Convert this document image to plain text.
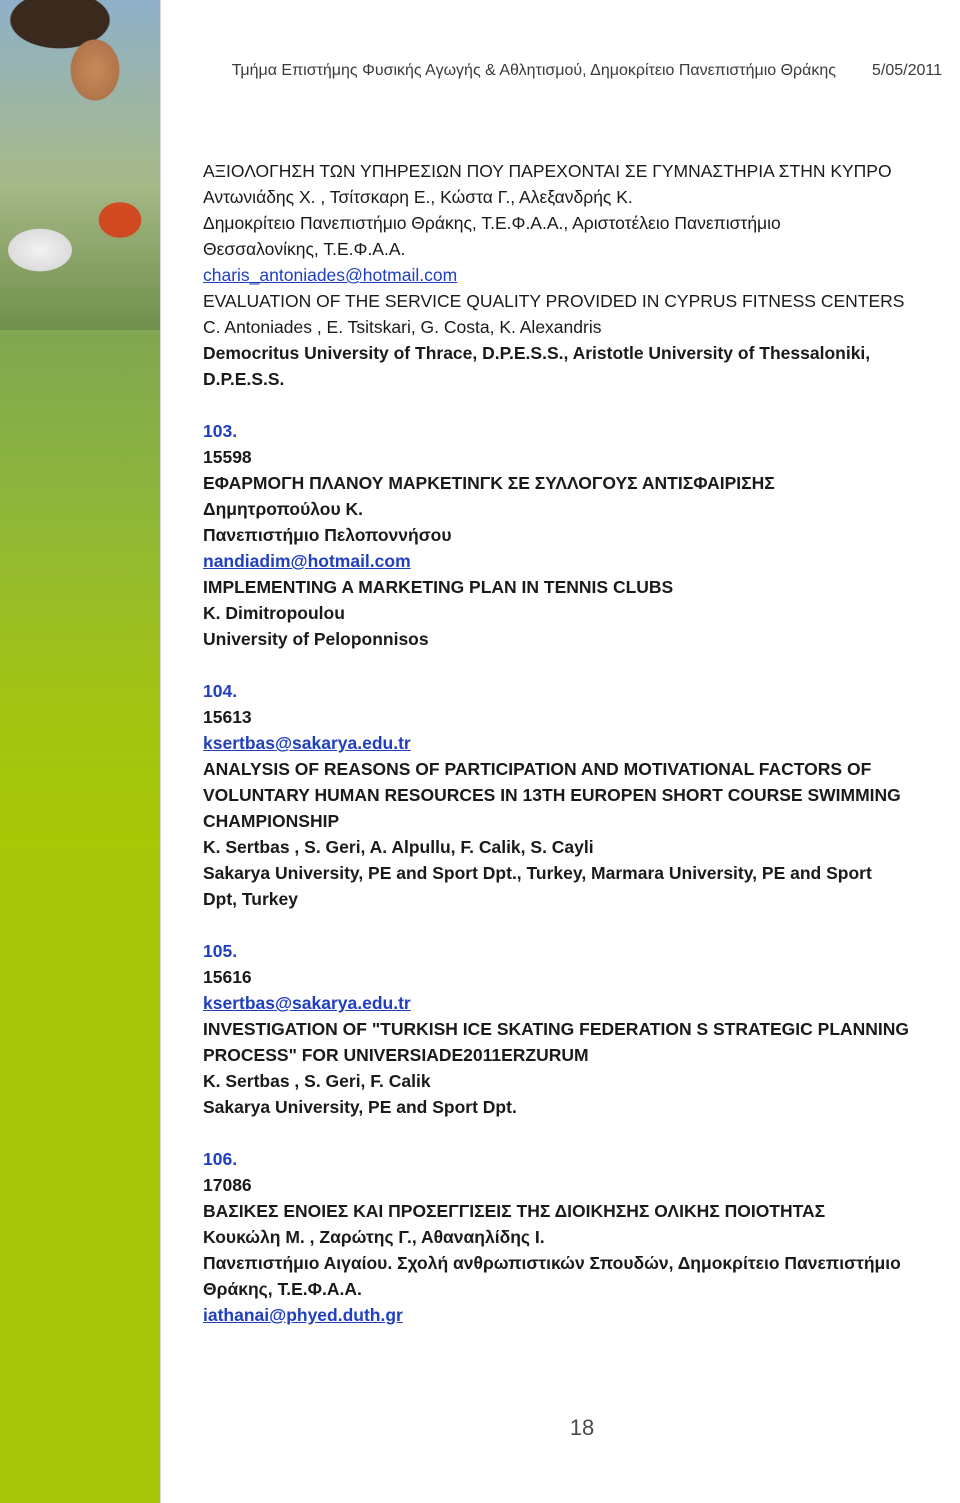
Τμήμα Επιστήμης Φυσικής Αγωγής & Αθλητισμού, Δημοκρίτειο Πανεπιστήμιο Θράκης 5/05/2011
ΑΞΙΟΛΟΓΗΣΗ ΤΩΝ ΥΠΗΡΕΣΙΩΝ ΠΟΥ ΠΑΡΕΧΟΝΤΑΙ ΣΕ ΓΥΜΝΑΣΤΗΡΙΑ ΣΤΗΝ ΚΥΠΡΟ
Αντωνιάδης Χ. , Τσίτσκαρη Ε., Κώστα Γ., Αλεξανδρής Κ.
Δημοκρίτειο Πανεπιστήμιο Θράκης, Τ.Ε.Φ.Α.Α., Αριστοτέλειο Πανεπιστήμιο
Θεσσαλονίκης, Τ.Ε.Φ.Α.Α.
charis_antoniades@hotmail.com
EVALUATION OF THE SERVICE QUALITY PROVIDED IN CYPRUS FITNESS CENTERS
C. Antoniades , E. Tsitskari, G. Costa, K. Alexandris
Democritus University of Thrace, D.P.E.S.S., Aristotle University of Thessaloniki,
D.P.E.S.S.
103.
15598
ΕΦΑΡΜΟΓΗ ΠΛΑΝΟΥ ΜΑΡΚΕΤΙΝΓΚ ΣΕ ΣΥΛΛΟΓΟΥΣ ΑΝΤΙΣΦΑΙΡΙΣΗΣ
Δημητροπούλου Κ.
Πανεπιστήμιο Πελοποννήσου
nandiadim@hotmail.com
IMPLEMENTING A MARKETING PLAN IN TENNIS CLUBS
K. Dimitropoulou
University of Peloponnisos
104.
15613
ksertbas@sakarya.edu.tr
ANALYSIS OF REASONS OF PARTICIPATION AND MOTIVATIONAL FACTORS OF
VOLUNTARY HUMAN RESOURCES IN 13TH EUROPEN SHORT COURSE SWIMMING
CHAMPIONSHIP
K. Sertbas , S. Geri, A. Alpullu, F. Calik, S. Cayli
Sakarya University, PE and Sport Dpt., Turkey, Marmara University, PE and Sport
Dpt, Turkey
105.
15616
ksertbas@sakarya.edu.tr
INVESTIGATION OF "TURKISH ICE SKATING FEDERATION S STRATEGIC PLANNING
PROCESS" FOR UNIVERSIADE2011ERZURUM
K. Sertbas , S. Geri, F. Calik
Sakarya University, PE and Sport Dpt.
106.
17086
ΒΑΣΙΚΕΣ ΕΝΟΙΕΣ ΚΑΙ ΠΡΟΣΕΓΓΙΣΕΙΣ ΤΗΣ ΔΙΟΙΚΗΣΗΣ ΟΛΙΚΗΣ ΠΟΙΟΤΗΤΑΣ
Κουκώλη Μ. , Ζαρώτης Γ., Αθαναηλίδης Ι.
Πανεπιστήμιο Αιγαίου. Σχολή ανθρωπιστικών Σπουδών, Δημοκρίτειο Πανεπιστήμιο
Θράκης, Τ.Ε.Φ.Α.Α.
iathanai@phyed.duth.gr
18
